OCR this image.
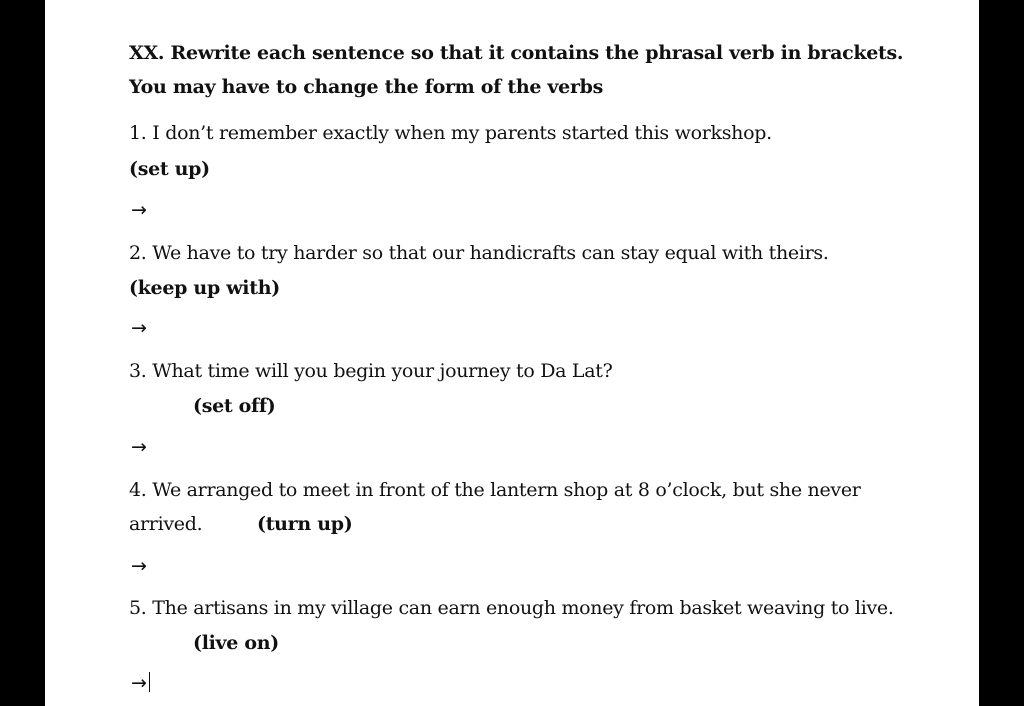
XX. Rewrite each sentence so that it contains the phrasal verb in brackets.
You may have to change the form of the verbs
1. I don’t remember exactly when my parents started this workshop.
(set up)
→
2. We have to try harder so that our handicrafts can stay equal with theirs.
(keep up with)
→
3. What time will you begin your journey to Da Lat?
(set off)
→
4. We arranged to meet in front of the lantern shop at 8 o’clock, but she never
arrived.	(turn up)
→
5. The artisans in my village can earn enough money from basket weaving to live.
(live on)
→
